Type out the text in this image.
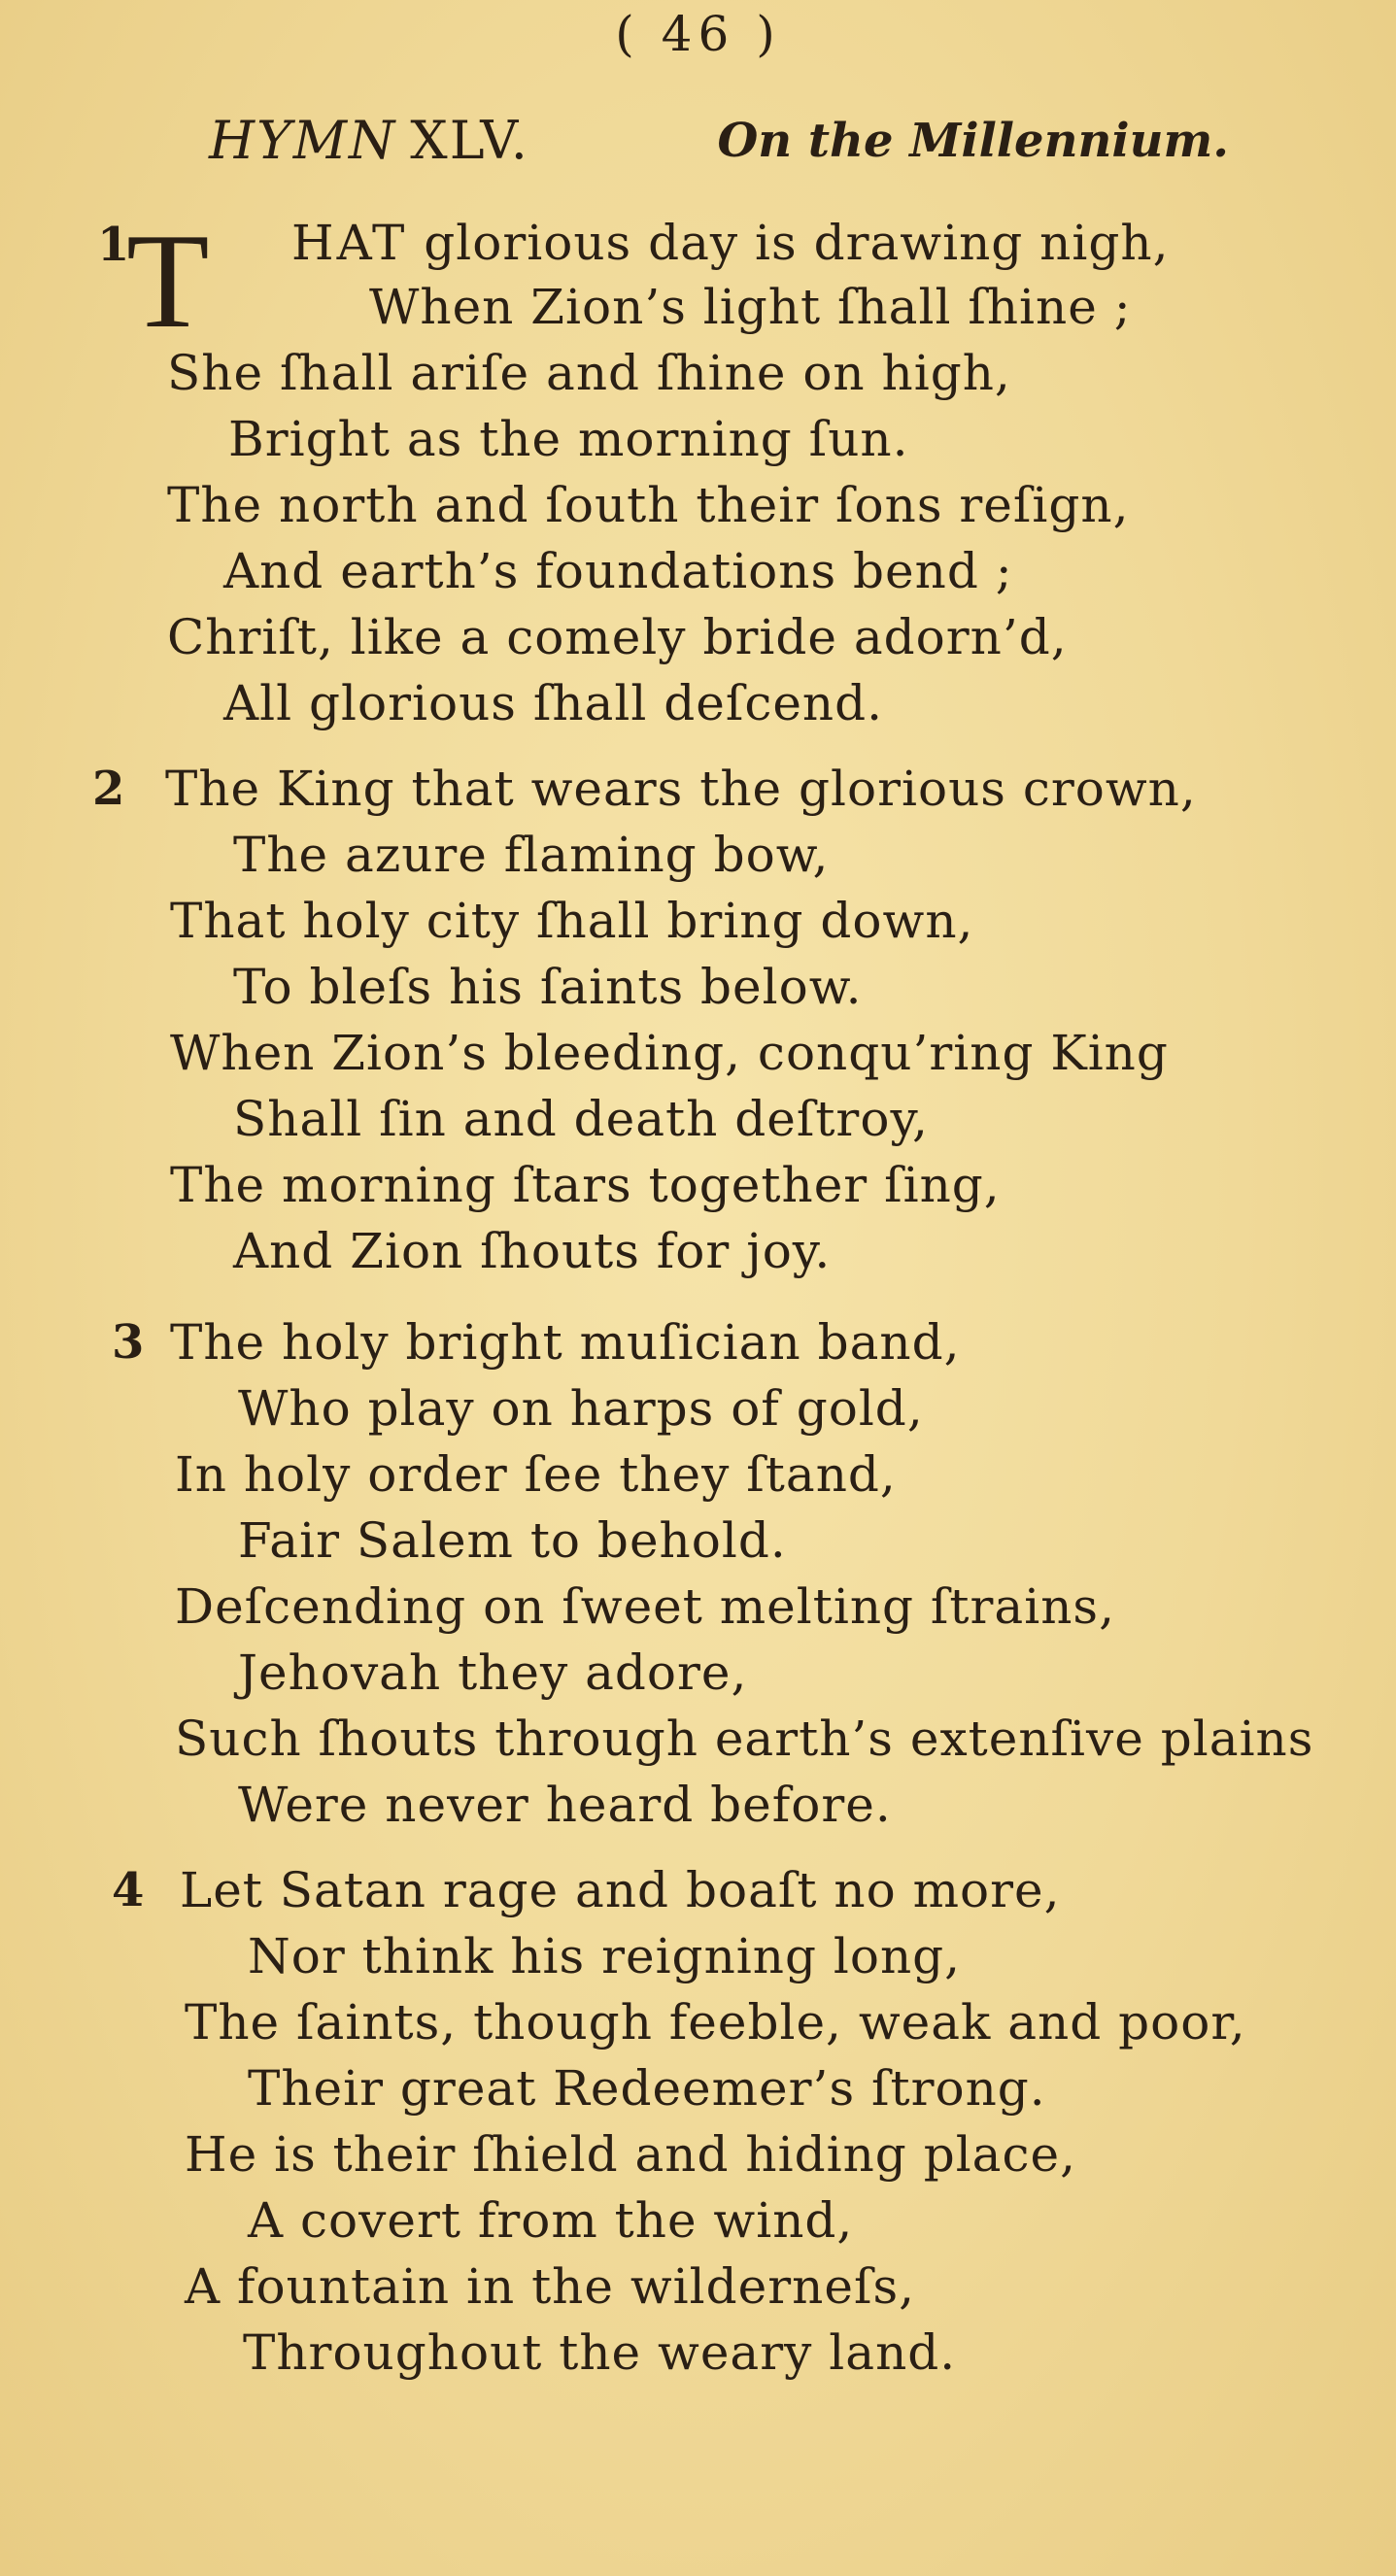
( 46 )
HYMN XLV.	On the Millennium.
1
T HAT glorious day is drawing nigh,
When Zion’s light ſhall ſhine ;
She ſhall ariſe and ſhine on high,
Bright as the morning ſun.
The north and ſouth their ſons reſign,
And earth’s foundations bend ;
Chriſt, like a comely bride adorn’d,
All glorious ſhall deſcend.
2 The King that wears the glorious crown,
The azure flaming bow,
That holy city ſhall bring down,
To bleſs his ſaints below.
When Zion’s bleeding, conqu’ring King
Shall ſin and death deſtroy,
The morning ſtars together ſing,
And Zion ſhouts for joy.
3 The holy bright muſician band,
Who play on harps of gold,
In holy order ſee they ſtand,
Fair Salem to behold.
Deſcending on ſweet melting ſtrains,
Jehovah they adore,
Such ſhouts through earth’s extenſive plains
Were never heard before.
4 Let Satan rage and boaſt no more,
Nor think his reigning long,
The ſaints, though feeble, weak and poor,
Their great Redeemer’s ſtrong.
He is their ſhield and hiding place,
A covert from the wind,
A fountain in the wilderneſs,
Throughout the weary land.
